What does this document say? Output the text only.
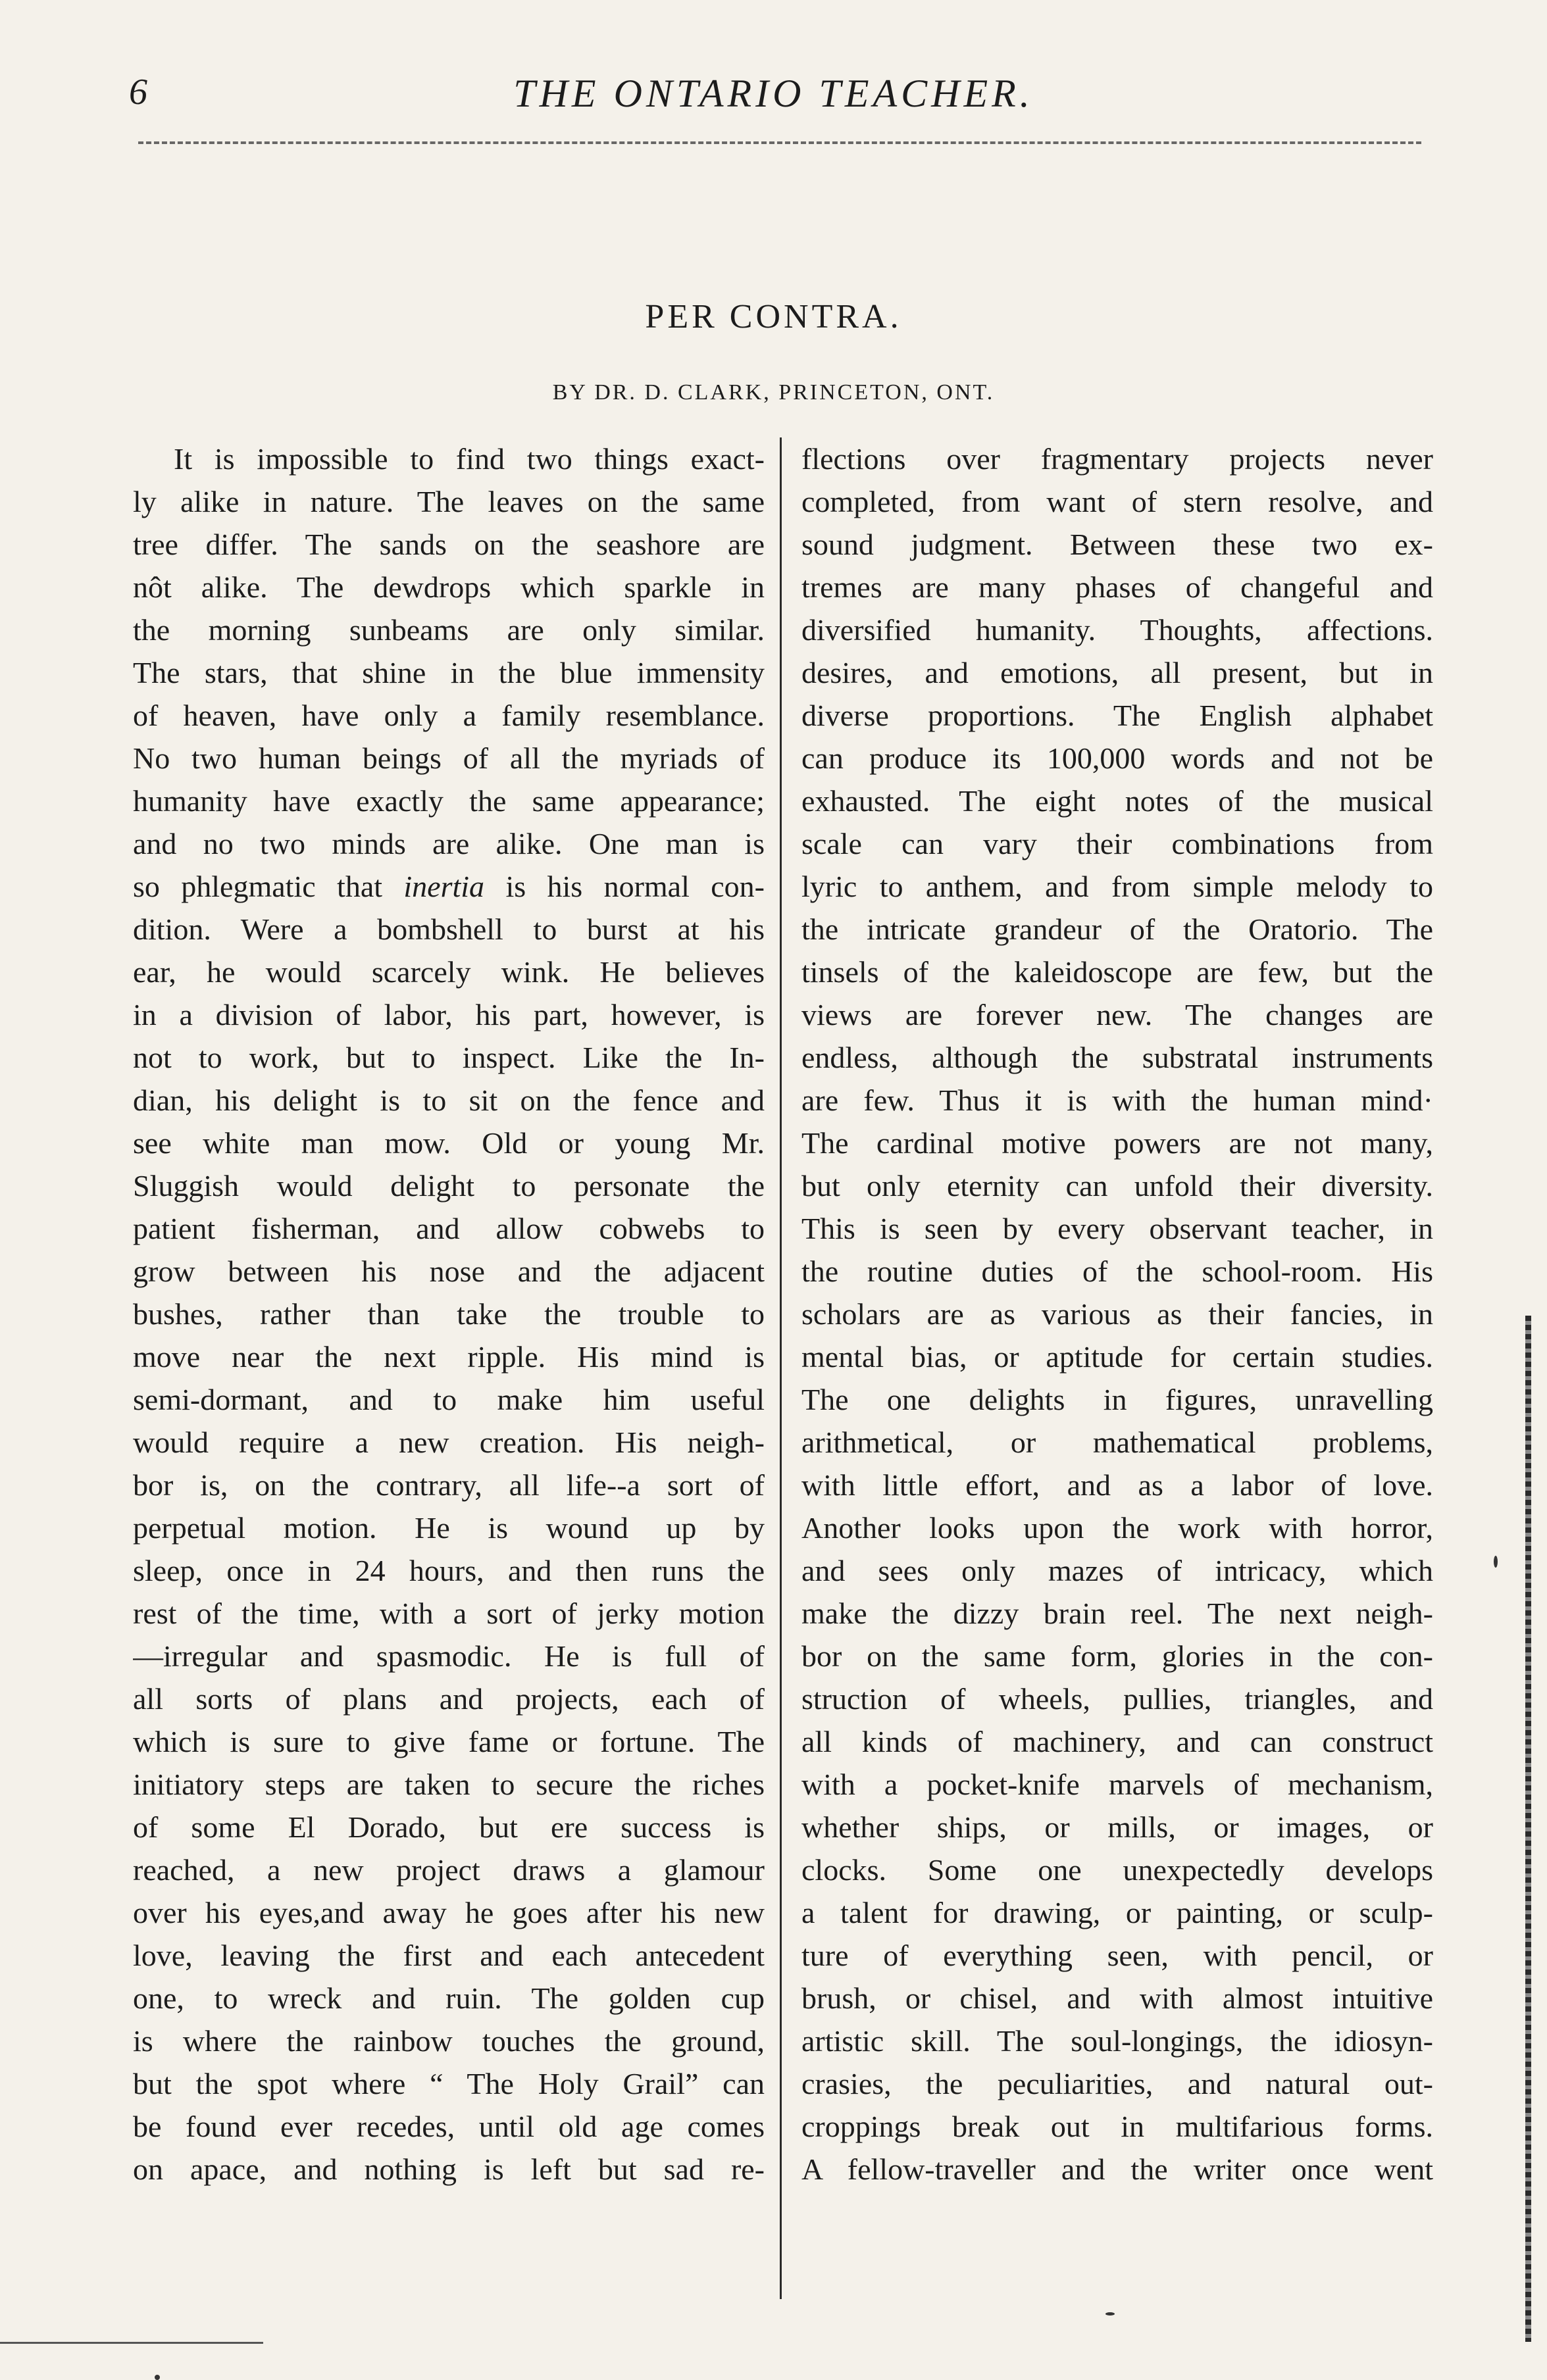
6	THE ONTARIO TEACHER.
PER CONTRA.
BY DR. D. CLARK, PRINCETON, ONT.
It is impossible to find two things exact-
ly alike in nature. The leaves on the same
tree differ. The sands on the seashore are
nôt alike. The dewdrops which sparkle in
the morning sunbeams are only similar.
The stars, that shine in the blue immensity
of heaven, have only a family resemblance.
No two human beings of all the myriads of
humanity have exactly the same appearance;
and no two minds are alike. One man is
so phlegmatic that inertia is his normal con-
dition. Were a bombshell to burst at his
ear, he would scarcely wink. He believes
in a division of labor, his part, however, is
not to work, but to inspect. Like the In-
dian, his delight is to sit on the fence and
see white man mow. Old or young Mr.
Sluggish would delight to personate the
patient fisherman, and allow cobwebs to
grow between his nose and the adjacent
bushes, rather than take the trouble to
move near the next ripple. His mind is
semi-dormant, and to make him useful
would require a new creation. His neigh-
bor is, on the contrary, all life--a sort of
perpetual motion. He is wound up by
sleep, once in 24 hours, and then runs the
rest of the time, with a sort of jerky motion
—irregular and spasmodic. He is full of
all sorts of plans and projects, each of
which is sure to give fame or fortune. The
initiatory steps are taken to secure the riches
of some El Dorado, but ere success is
reached, a new project draws a glamour
over his eyes,and away he goes after his new
love, leaving the first and each antecedent
one, to wreck and ruin. The golden cup
is where the rainbow touches the ground,
but the spot where “ The Holy Grail” can
be found ever recedes, until old age comes
on apace, and nothing is left but sad re-
flections over fragmentary projects never
completed, from want of stern resolve, and
sound judgment. Between these two ex-
tremes are many phases of changeful and
diversified humanity. Thoughts, affections.
desires, and emotions, all present, but in
diverse proportions. The English alphabet
can produce its 100,000 words and not be
exhausted. The eight notes of the musical
scale can vary their combinations from
lyric to anthem, and from simple melody to
the intricate grandeur of the Oratorio. The
tinsels of the kaleidoscope are few, but the
views are forever new. The changes are
endless, although the substratal instruments
are few. Thus it is with the human mind·
The cardinal motive powers are not many,
but only eternity can unfold their diversity.
This is seen by every observant teacher, in
the routine duties of the school-room. His
scholars are as various as their fancies, in
mental bias, or aptitude for certain studies.
The one delights in figures, unravelling
arithmetical, or mathematical problems,
with little effort, and as a labor of love.
Another looks upon the work with horror,
and sees only mazes of intricacy, which
make the dizzy brain reel. The next neigh-
bor on the same form, glories in the con-
struction of wheels, pullies, triangles, and
all kinds of machinery, and can construct
with a pocket-knife marvels of mechanism,
whether ships, or mills, or images, or
clocks. Some one unexpectedly develops
a talent for drawing, or painting, or sculp-
ture of everything seen, with pencil, or
brush, or chisel, and with almost intuitive
artistic skill. The soul-longings, the idiosyn-
crasies, the peculiarities, and natural out-
croppings break out in multifarious forms.
A fellow-traveller and the writer once went
